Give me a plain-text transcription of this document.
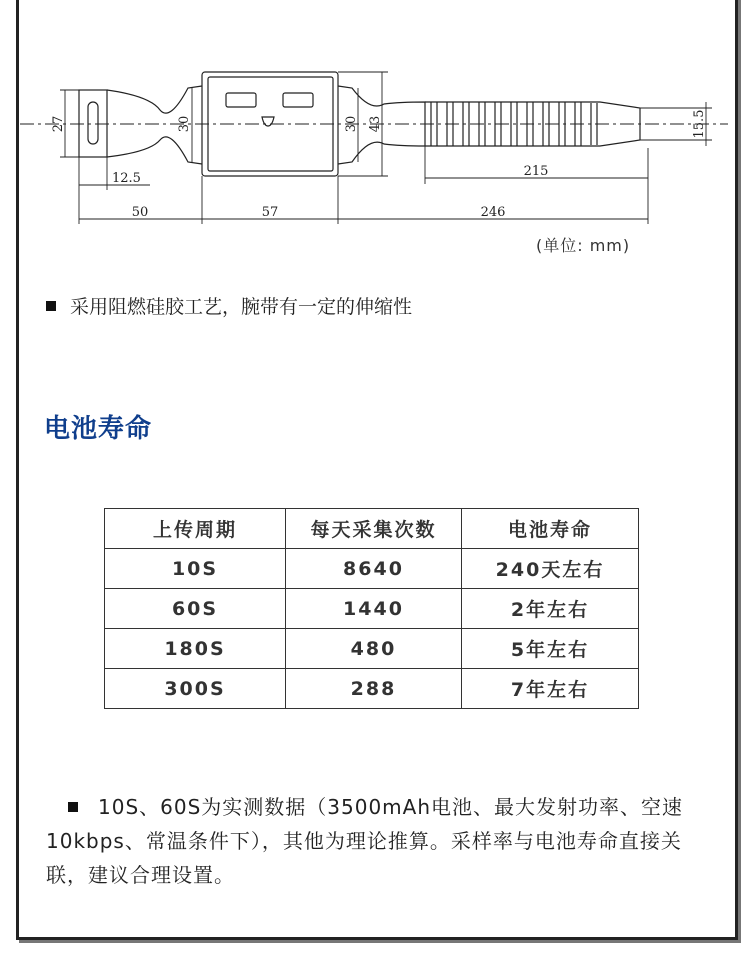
27	30	30 43	15.5
12.5	215
50	57	246
(单位: mm)
采用阻燃硅胶工艺，腕带有一定的伸缩性
电池寿命
上传周期	每天采集次数	电池寿命
10S	8640	240天左右
60S	1440	2年左右
180S	480	5年左右
300S	288	7年左右
10S、60S为实测数据（3500mAh电池、最大发射功率、空速10kbps、常温条件下），其他为理论推算。采样率与电池寿命直接关联，建议合理设置。
